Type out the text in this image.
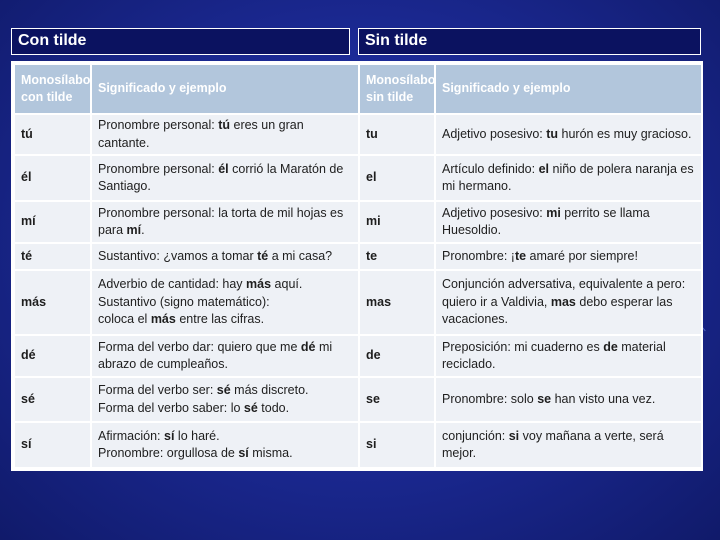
Con tilde	Sin tilde
Monosílabo con tilde	Significado y ejemplo	Monosílabo sin tilde	Significado y ejemplo
tú	Pronombre personal: tú eres un gran cantante.	tu	Adjetivo posesivo: tu hurón es muy gracioso.

él	Pronombre personal: él corrió la Maratón de Santiago.	el	Artículo definido: el niño de polera naranja es mi hermano.

mí	Pronombre personal: la torta de mil hojas es para mí.	mi	Adjetivo posesivo: mi perrito se llama Huesoldio.

té	Sustantivo: ¿vamos a tomar té a mi casa?	te	Pronombre: ¡te amaré por siempre!

más	Adverbio de cantidad: hay más aquí.
Sustantivo (signo matemático):
coloca el más entre las cifras.	mas	Conjunción adversativa, equivalente a pero: quiero ir a Valdivia, mas debo esperar las vacaciones.

dé	Forma del verbo dar: quiero que me dé mi abrazo de cumpleaños.	de	Preposición: mi cuaderno es de material reciclado.

sé	Forma del verbo ser: sé más discreto.
Forma del verbo saber: lo sé todo.	se	Pronombre: solo se han visto una vez.

sí	Afirmación: sí lo haré.
Pronombre: orgullosa de sí misma.	si	conjunción: si voy mañana a verte, será mejor.
